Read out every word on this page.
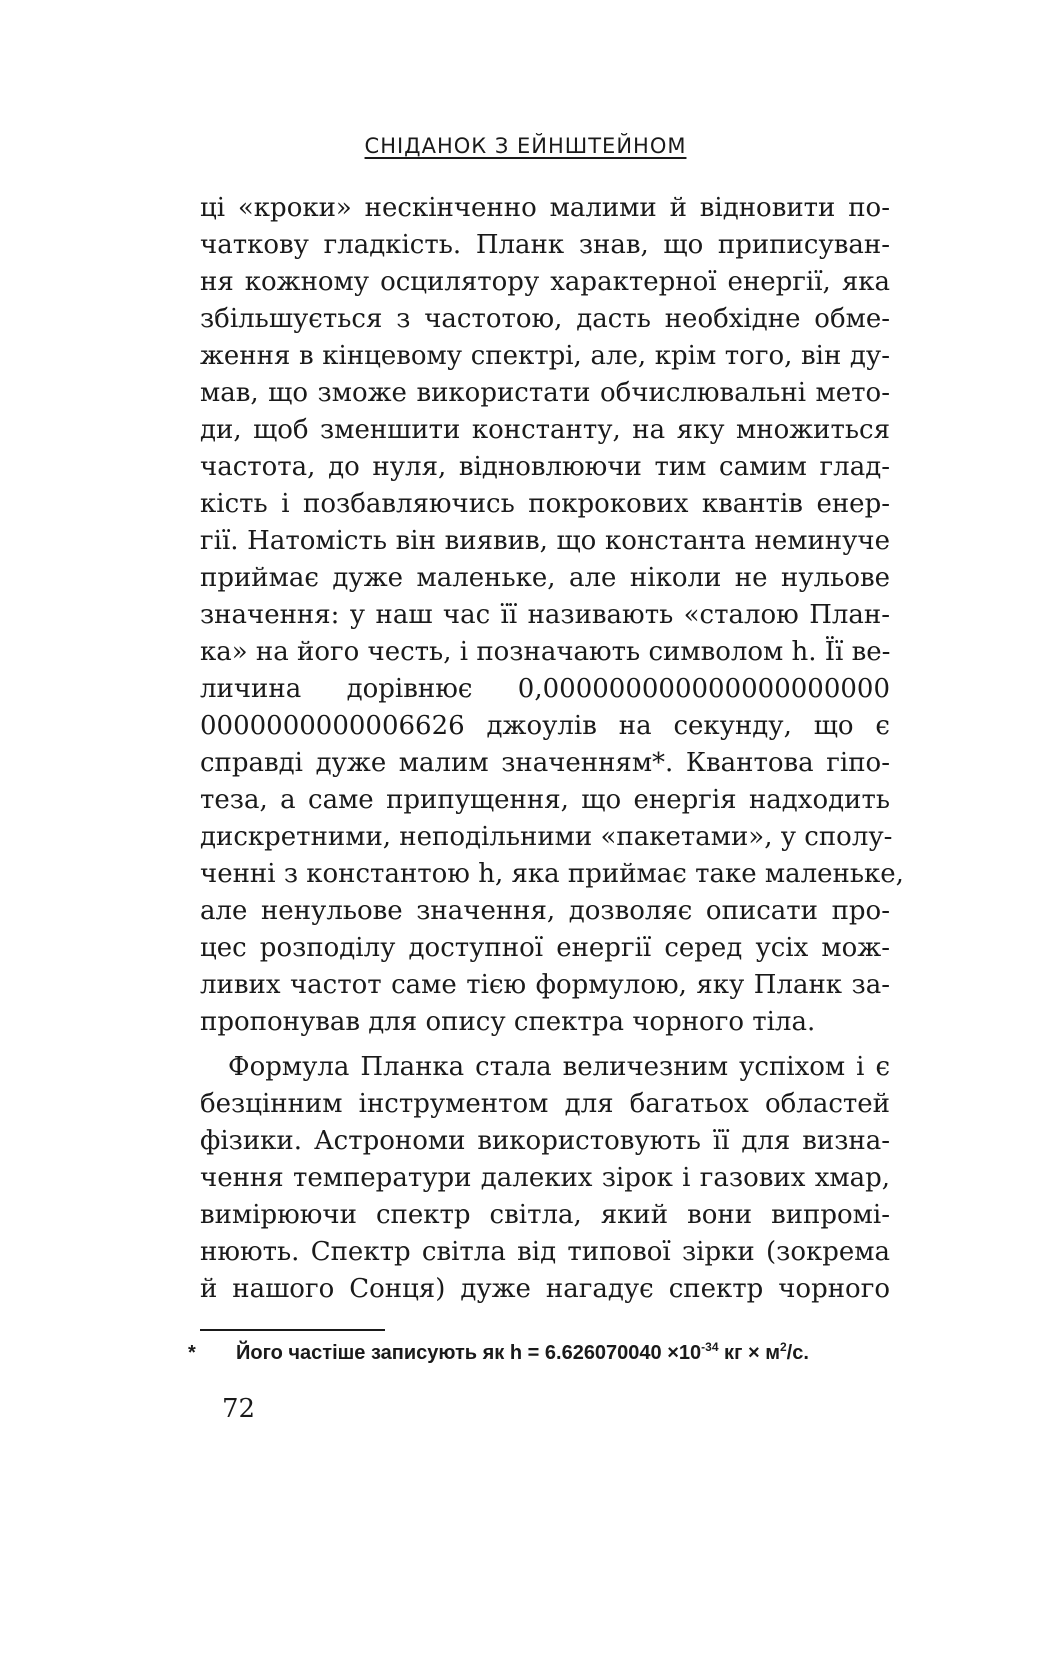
СНІДАНОК З ЕЙНШТЕЙНОМ
ці «кроки» нескінченно малими й відновити по-
чаткову гладкість. Планк знав, що приписуван-
ня кожному осцилятору характерної енергії, яка
збільшується з частотою, дасть необхідне обме-
ження в кінцевому спектрі, але, крім того, він ду-
мав, що зможе використати обчислювальні мето-
ди, щоб зменшити константу, на яку множиться
частота, до нуля, відновлюючи тим самим глад-
кість і позбавляючись покрокових квантів енер-
гії. Натомість він виявив, що константа неминуче
приймає дуже маленьке, але ніколи не нульове
значення: у наш час її називають «сталою План-
ка» на його честь, і позначають символом h. Її ве-
личина дорівнює 0,000000000000000000000
0000000000006626 джоулів на секунду, що є
справді дуже малим значенням*. Квантова гіпо-
теза, а саме припущення, що енергія надходить
дискретними, неподільними «пакетами», у сполу-
ченні з константою h, яка приймає таке маленьке,
але ненульове значення, дозволяє описати про-
цес розподілу доступної енергії серед усіх мож-
ливих частот саме тією формулою, яку Планк за-
пропонував для опису спектра чорного тіла.
Формула Планка стала величезним успіхом і є
безцінним інструментом для багатьох областей
фізики. Астрономи використовують її для визна-
чення температури далеких зірок і газових хмар,
вимірюючи спектр світла, який вони випромі-
нюють. Спектр світла від типової зірки (зокрема
й нашого Сонця) дуже нагадує спектр чорного
* Його частіше записують як $h = 6.626070040 \times 10^{-34}$ кг × $м^2/с$.
72
